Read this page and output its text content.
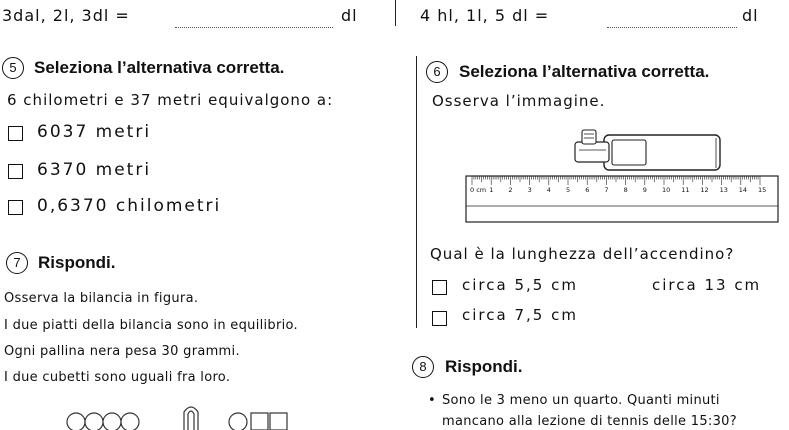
3dal, 2l, 3dl =	dl	4 hl, 1l, 5 dl =	dl
5	Seleziona l’alternativa corretta.
6 chilometri e 37 metri equivalgono a:
6037 metri
6370 metri
0,6370 chilometri
6	Seleziona l’alternativa corretta.
Osserva l’immagine.
0 cm 1 2 3 4 5 6 7 8 9 10 11 12 13 14 15
Qual è la lunghezza dell’accendino?
circa 5,5 cm	circa 13 cm
circa 7,5 cm
7	Rispondi.
Osserva la bilancia in figura.
I due piatti della bilancia sono in equilibrio.
Ogni pallina nera pesa 30 grammi.
I due cubetti sono uguali fra loro.
8	Rispondi.
• Sono le 3 meno un quarto. Quanti minuti
mancano alla lezione di tennis delle 15:30?
